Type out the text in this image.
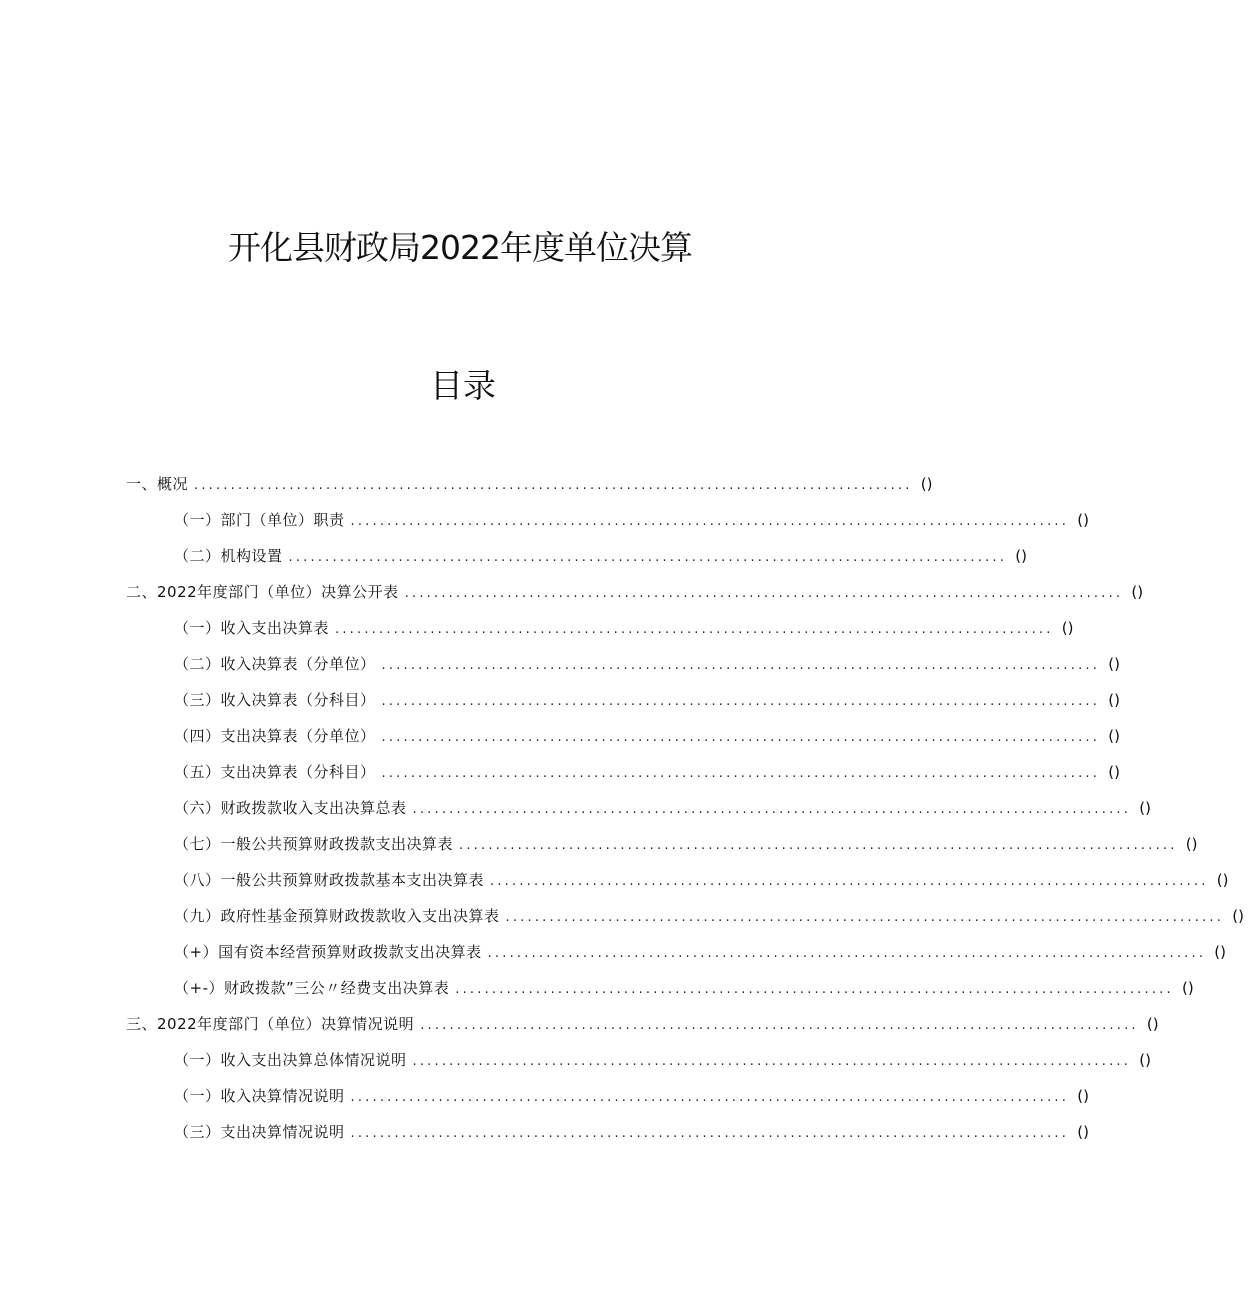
开化县财政局2022年度单位决算
目录
一、概况 .................................................................................................. ()
（一）部门（单位）职责 .................................................................................................. ()
（二）机构设置 .................................................................................................. ()
二、2022年度部门（单位）决算公开表 .................................................................................................. ()
（一）收入支出决算表 .................................................................................................. ()
（二）收入决算表（分单位） .................................................................................................. ()
（三）收入决算表（分科目） .................................................................................................. ()
（四）支出决算表（分单位） .................................................................................................. ()
（五）支出决算表（分科目） .................................................................................................. ()
（六）财政拨款收入支出决算总表 .................................................................................................. ()
（七）一般公共预算财政拨款支出决算表 .................................................................................................. ()
（八）一般公共预算财政拨款基本支出决算表 .................................................................................................. ()
（九）政府性基金预算财政拨款收入支出决算表 .................................................................................................. ()
（+）国有资本经营预算财政拨款支出决算表 .................................................................................................. ()
（+-）财政拨款”三公〃经费支出决算表 .................................................................................................. ()
三、2022年度部门（单位）决算情况说明 .................................................................................................. ()
（一）收入支出决算总体情况说明 .................................................................................................. ()
（一）收入决算情况说明 .................................................................................................. ()
（三）支出决算情况说明 .................................................................................................. ()
